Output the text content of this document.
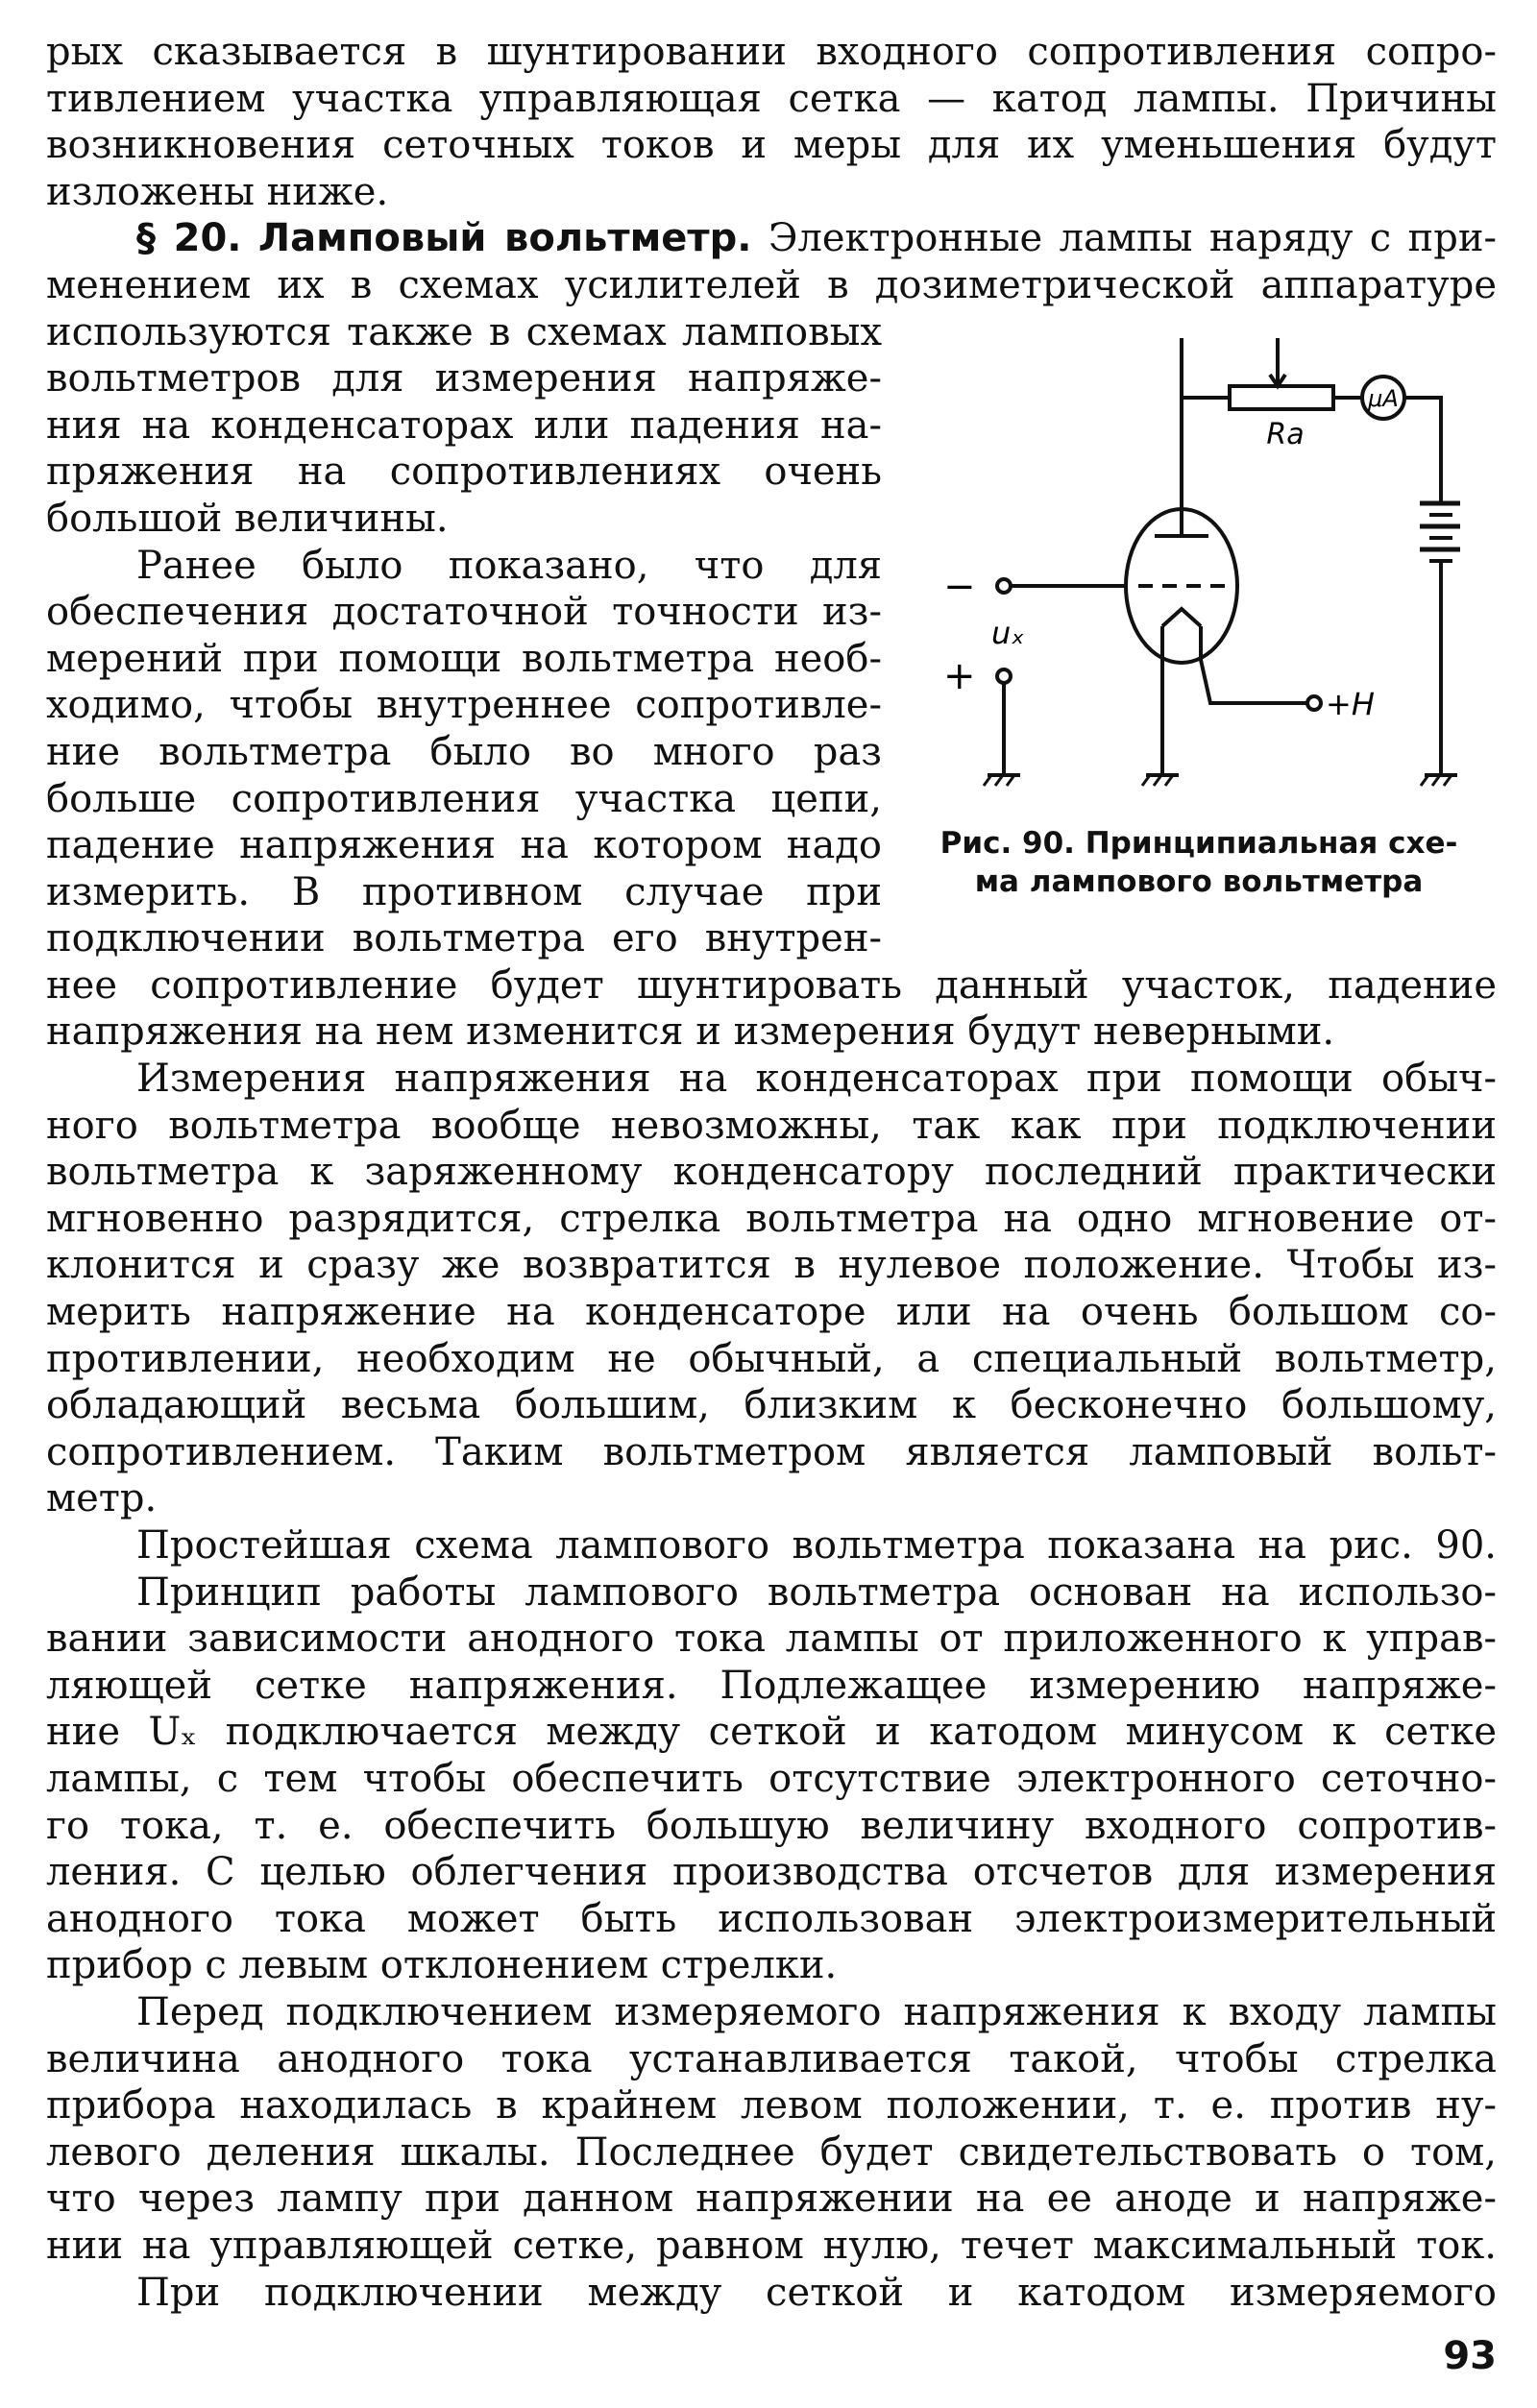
рых сказывается в шунтировании входного сопротивления сопро-
тивлением участка управляющая сетка — катод лампы. Причины
возникновения сеточных токов и меры для их уменьшения будут
изложены ниже.
§ 20. Ламповый вольтметр. Электронные лампы наряду с при-
менением их в схемах усилителей в дозиметрической аппаратуре
используются также в схемах ламповых
вольтметров для измерения напряже-
ния на конденсаторах или падения на-
пряжения на сопротивлениях очень
большой величины.
Ранее было показано, что для
обеспечения достаточной точности из-
мерений при помощи вольтметра необ-
ходимо, чтобы внутреннее сопротивле-
ние вольтметра было во много раз
больше сопротивления участка цепи,
падение напряжения на котором надо
измерить. В противном случае при
подключении вольтметра его внутрен-
нее сопротивление будет шунтировать данный участок, падение
напряжения на нем изменится и измерения будут неверными.
Измерения напряжения на конденсаторах при помощи обыч-
ного вольтметра вообще невозможны, так как при подключении
вольтметра к заряженному конденсатору последний практически
мгновенно разрядится, стрелка вольтметра на одно мгновение от-
клонится и сразу же возвратится в нулевое положение. Чтобы из-
мерить напряжение на конденсаторе или на очень большом со-
противлении, необходим не обычный, а специальный вольтметр,
обладающий весьма большим, близким к бесконечно большому,
сопротивлением. Таким вольтметром является ламповый вольт-
метр.
Простейшая схема лампового вольтметра показана на рис. 90.
Принцип работы лампового вольтметра основан на использо-
вании зависимости анодного тока лампы от приложенного к управ-
ляющей сетке напряжения. Подлежащее измерению напряже-
ние Uₓ подключается между сеткой и катодом минусом к сетке
лампы, с тем чтобы обеспечить отсутствие электронного сеточно-
го тока, т. е. обеспечить большую величину входного сопротив-
ления. С целью облегчения производства отсчетов для измерения
анодного тока может быть использован электроизмерительный
прибор с левым отклонением стрелки.
Перед подключением измеряемого напряжения к входу лампы
величина анодного тока устанавливается такой, чтобы стрелка
прибора находилась в крайнем левом положении, т. е. против ну-
левого деления шкалы. Последнее будет свидетельствовать о том,
что через лампу при данном напряжении на ее аноде и напряже-
нии на управляющей сетке, равном нулю, течет максимальный ток.
При подключении между сеткой и катодом измеряемого
μA
Ra
−
+
uₓ
+H
Рис. 90. Принципиальная схе-
ма лампового вольтметра
93
